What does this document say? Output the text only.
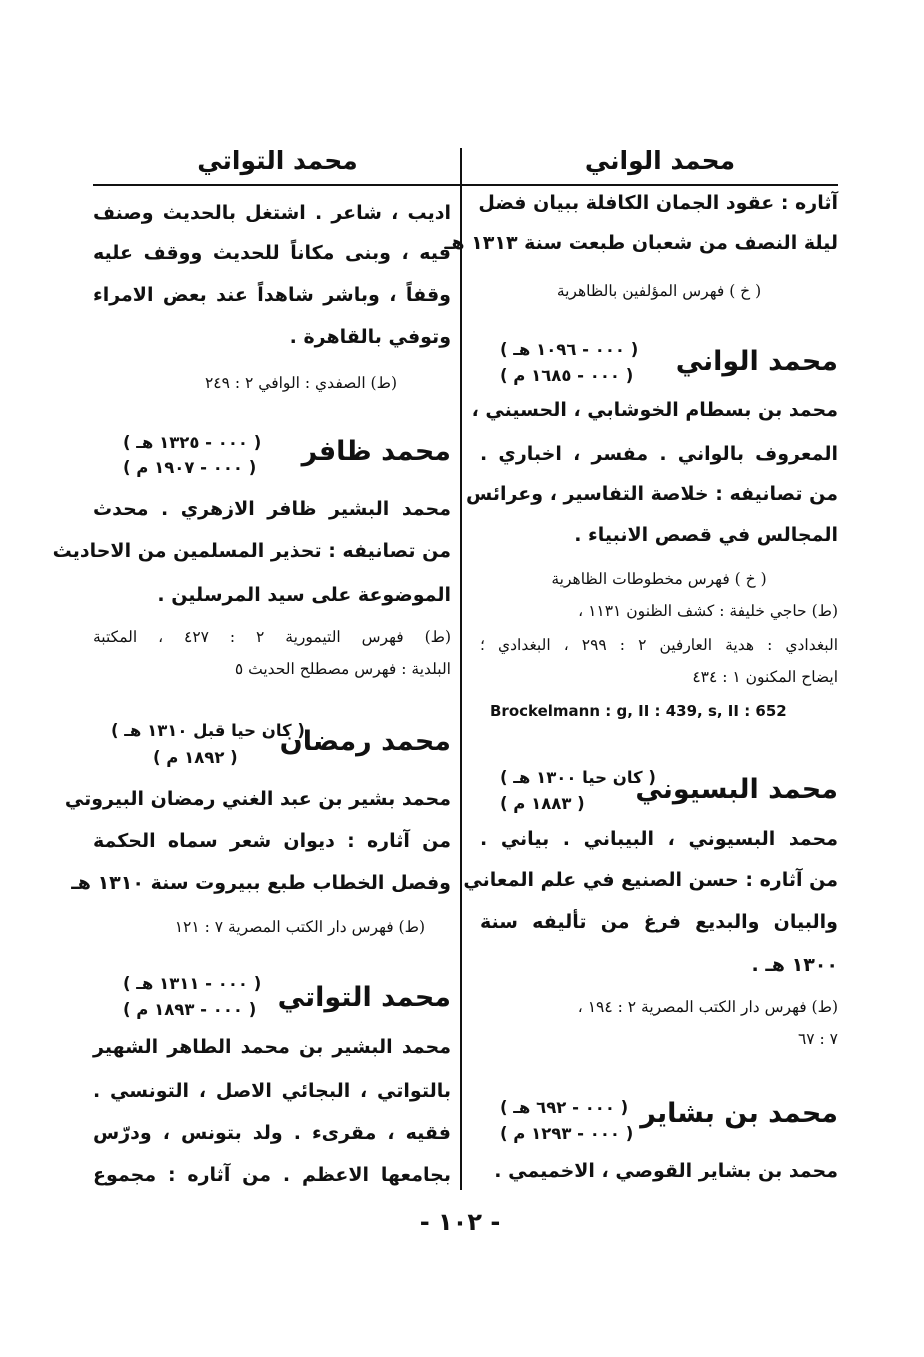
محمد الواني
محمد التواتي
آثاره : عقود الجمان الكافلة ببيان فضل
ليلة النصف من شعبان طبعت سنة ١٣١٣ هـ
( خ ) فهرس المؤلفين بالظاهرية
محمد الواني
( ٠٠٠ - ١٠٩٦ هـ )
( ٠٠٠ - ١٦٨٥ م )
محمد بن بسطام الخوشابي ، الحسيني ،
المعروف بالواني . مفسر ، اخباري .
من تصانيفه : خلاصة التفاسير ، وعرائس
المجالس في قصص الانبياء .
( خ ) فهرس مخطوطات الظاهرية
(ط) حاجي خليفة : كشف الظنون ١١٣١ ،
البغدادي : هدية العارفين ٢ : ٢٩٩ ، البغدادي ؛
ايضاح المكنون ١ : ٤٣٤
Brockelmann : g, II : 439, s, II : 652
محمد البسيوني
( كان حيا ١٣٠٠ هـ )
( ١٨٨٣ م )
محمد البسيوني ، البيباني . بياني .
من آثاره : حسن الصنيع في علم المعاني
والبيان والبديع فرغ من تأليفه سنة
١٣٠٠ هـ .
(ط) فهرس دار الكتب المصرية ٢ : ١٩٤ ،
٧ : ٦٧
محمد بن بشاير
( ٠٠٠ - ٦٩٢ هـ )
( ٠٠٠ - ١٢٩٣ م )
محمد بن بشاير القوصي ، الاخميمي .
اديب ، شاعر . اشتغل بالحديث وصنف
فيه ، وبنى مكاناً للحديث ووقف عليه
وقفاً ، وباشر شاهداً عند بعض الامراء
وتوفي بالقاهرة .
(ط) الصفدي : الوافي ٢ : ٢٤٩
محمد ظافر
( ٠٠٠ - ١٣٢٥ هـ )
( ٠٠٠ - ١٩٠٧ م )
محمد البشير ظافر الازهري . محدث
من تصانيفه : تحذير المسلمين من الاحاديث
الموضوعة على سيد المرسلين .
(ط) فهرس التيمورية ٢ : ٤٢٧ ، المكتبة
البلدية : فهرس مصطلح الحديث ٥
محمد رمضان
( كان حيا قبل ١٣١٠ هـ )
( ١٨٩٢ م )
محمد بشير بن عبد الغني رمضان البيروتي
من آثاره : ديوان شعر سماه الحكمة
وفصل الخطاب طبع ببيروت سنة ١٣١٠ هـ
(ط) فهرس دار الكتب المصرية ٧ : ١٢١
محمد التواتي
( ٠٠٠ - ١٣١١ هـ )
( ٠٠٠ - ١٨٩٣ م )
محمد البشير بن محمد الطاهر الشهير
بالتواتي ، البجائي الاصل ، التونسي .
فقيه ، مقرىء . ولد بتونس ، ودرّس
بجامعها الاعظم . من آثاره : مجموع
- ١٠٢ -
